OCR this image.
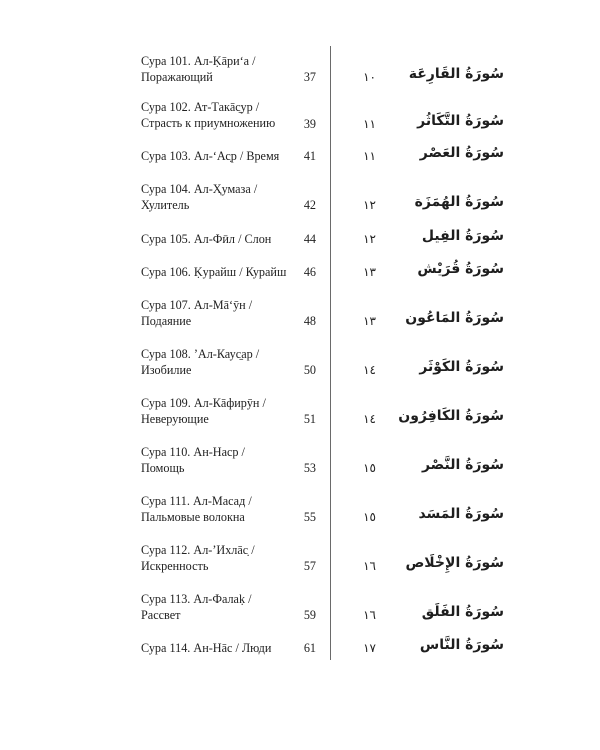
Сура 101. Ал-Ḳāриʻа /
Поражающий	37	١٠	سُورَةُ القَارِعَة
Сура 102. Ат-Такāс̱ур /
Страсть к приумножению	39	١١	سُورَةُ التَّكَاثُر
Сура 103. Ал-ʻАс̣р / Время	41	١١	سُورَةُ العَصْر
Сура 104. Ал-Ҳумаза /
Хулитель	42	١٢	سُورَةُ الهُمَزَة
Сура 105. Ал-Фӣл / Слон	44	١٢	سُورَةُ الفِيل
Сура 106. Ḳурайш / Курайш	46	١٣	سُورَةُ قُرَيْش
Сура 107. Ал-Мāʻӯн /
Подаяние	48	١٣	سُورَةُ المَاعُون
Сура 108. ʼАл-Каус̱ар /
Изобилие	50	١٤	سُورَةُ الكَوْثَر
Сура 109. Ал-Кāфирӯн /
Неверующие	51	١٤	سُورَةُ الكَافِرُون
Сура 110. Ан-Наср /
Помощь	53	١٥	سُورَةُ النَّصْر
Сура 111. Ал-Масад /
Пальмовые волокна	55	١٥	سُورَةُ المَسَد
Сура 112. Ал-ʼИхлāс̣ /
Искренность	57	١٦	سُورَةُ الإِخْلَاص
Сура 113. Ал-Фалаḳ /
Рассвет	59	١٦	سُورَةُ الفَلَق
Сура 114. Ан-Нāс / Люди	61	١٧	سُورَةُ النَّاس
